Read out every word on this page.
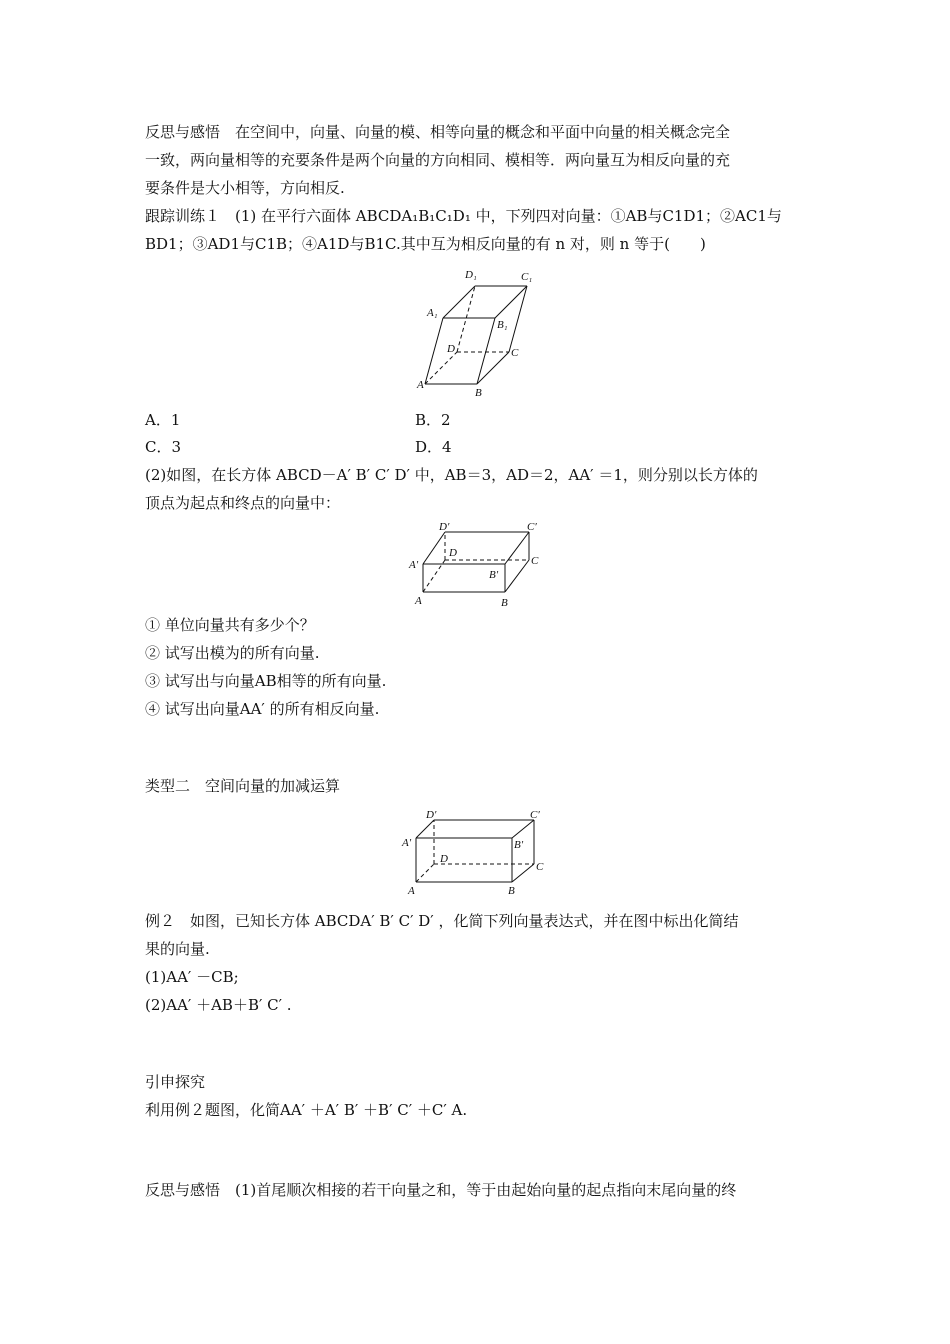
反思与感悟　在空间中，向量、向量的模、相等向量的概念和平面中向量的相关概念完全
一致，两向量相等的充要条件是两个向量的方向相同、模相等．两向量互为相反向量的充
要条件是大小相等，方向相反.
跟踪训练１　(1) 在平行六面体 ABCDA₁B₁C₁D₁ 中，下列四对向量：①AB与C1D1；②AC1与
BD1；③AD1与C1B；④A1D与B1C.其中互为相反向量的有 n 对，则 n 等于(　　)
A
B
C
D
A₁
B₁
C₁
D₁
A．1	B．2
C．3	D．4
(2)如图，在长方体 ABCD－A′ B′ C′ D′ 中，AB＝3，AD＝2，AA′ ＝1，则分别以长方体的
顶点为起点和终点的向量中：
A	B
C
D
A′
B′
C′
D′
① 单位向量共有多少个？
② 试写出模为的所有向量.
③ 试写出与向量AB相等的所有向量.
④ 试写出向量AA′ 的所有相反向量.
类型二　空间向量的加减运算
A	B
C
D
A′	B′
C′
D′
例２　如图，已知长方体 ABCDA′ B′ C′ D′ ，化简下列向量表达式，并在图中标出化简结
果的向量.
(1)AA′ －CB;
(2)AA′ ＋AB＋B′ C′ .
引申探究
利用例２题图，化简AA′ ＋A′ B′ ＋B′ C′ ＋C′ A.
反思与感悟　(1)首尾顺次相接的若干向量之和，等于由起始向量的起点指向末尾向量的终
